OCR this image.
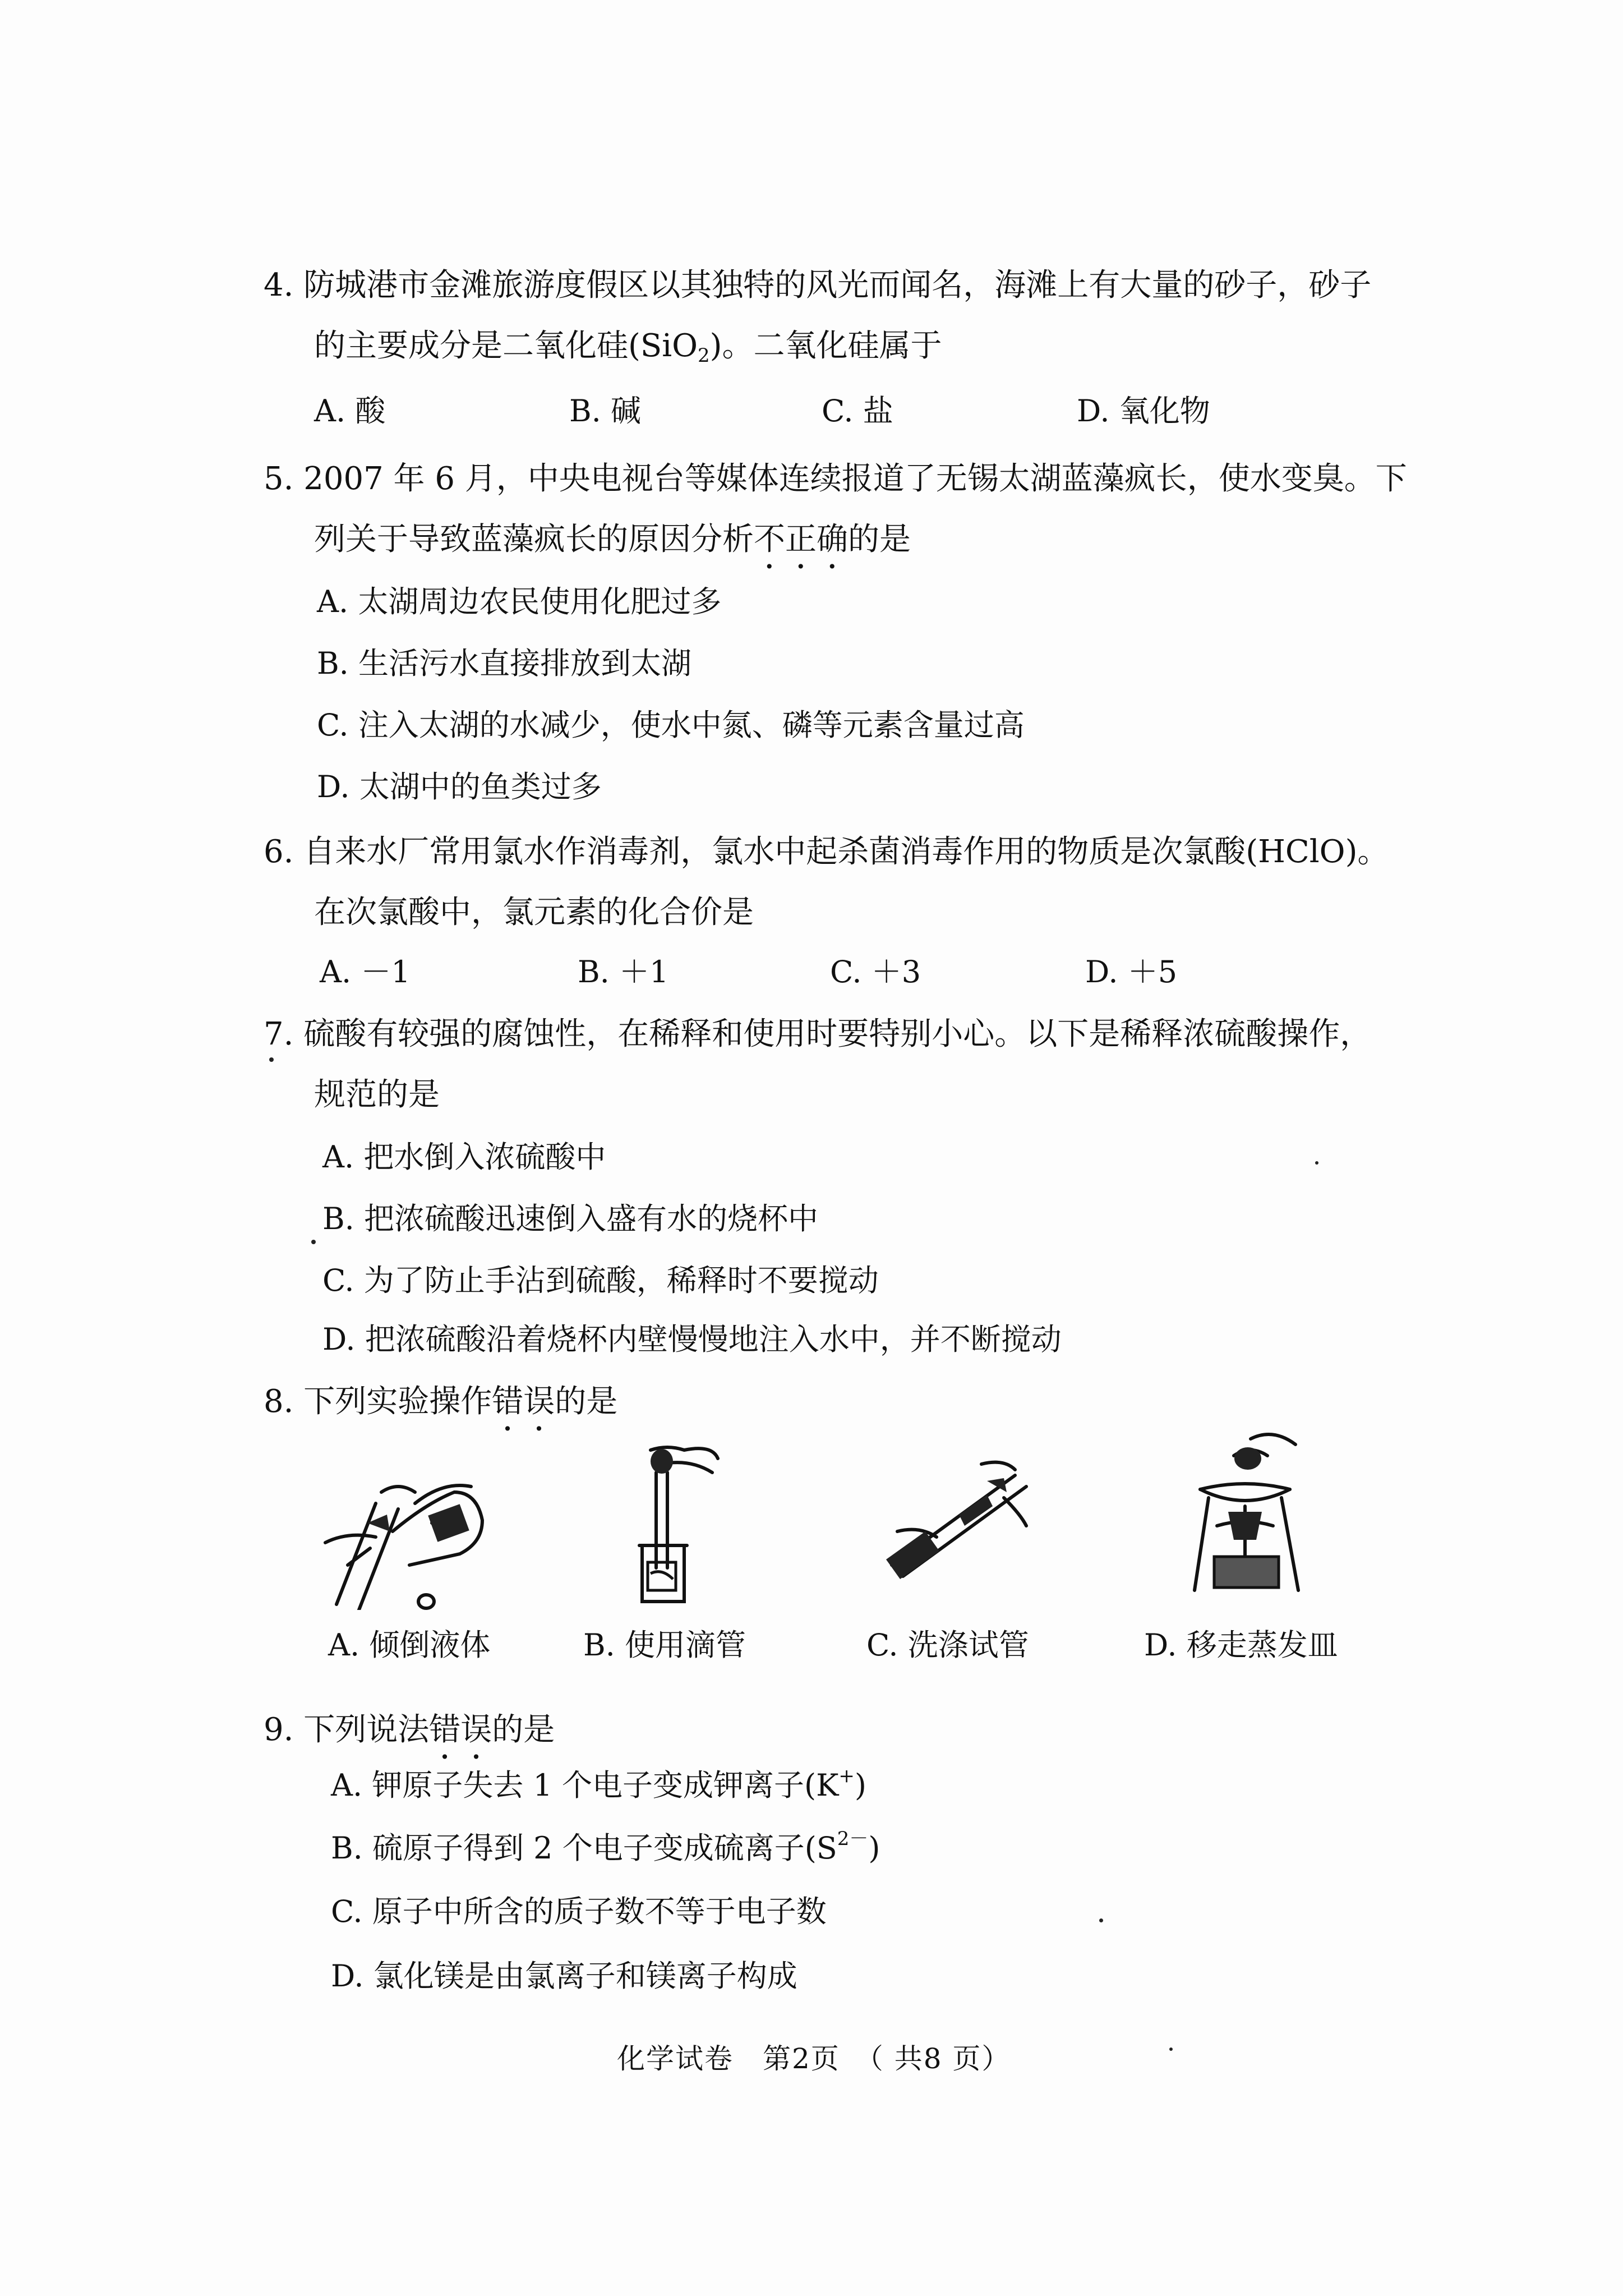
4. 防城港市金滩旅游度假区以其独特的风光而闻名，海滩上有大量的砂子，砂子
的主要成分是二氧化硅(SiO$_2$)。二氧化硅属于
A. 酸	B. 碱	C. 盐	D. 氧化物
5. 2007 年 6 月，中央电视台等媒体连续报道了无锡太湖蓝藻疯长，使水变臭。下
列关于导致蓝藻疯长的原因分析不正确的是
A. 太湖周边农民使用化肥过多
B. 生活污水直接排放到太湖
C. 注入太湖的水减少，使水中氮、磷等元素含量过高
D. 太湖中的鱼类过多
6. 自来水厂常用氯水作消毒剂，氯水中起杀菌消毒作用的物质是次氯酸(HClO)。
在次氯酸中，氯元素的化合价是
A. －1	B. ＋1	C. ＋3	D. ＋5
7. 硫酸有较强的腐蚀性，在稀释和使用时要特别小心。以下是稀释浓硫酸操作，
规范的是
A. 把水倒入浓硫酸中
B. 把浓硫酸迅速倒入盛有水的烧杯中
C. 为了防止手沾到硫酸，稀释时不要搅动
D. 把浓硫酸沿着烧杯内壁慢慢地注入水中，并不断搅动
8. 下列实验操作错误的是
A. 倾倒液体	B. 使用滴管	C. 洗涤试管	D. 移走蒸发皿
9. 下列说法错误的是
A. 钾原子失去 1 个电子变成钾离子(K+)
B. 硫原子得到 2 个电子变成硫离子$(S^{2-})$
C. 原子中所含的质子数不等于电子数
D. 氯化镁是由氯离子和镁离子构成
化学试卷　第2页　（ 共8 页）
